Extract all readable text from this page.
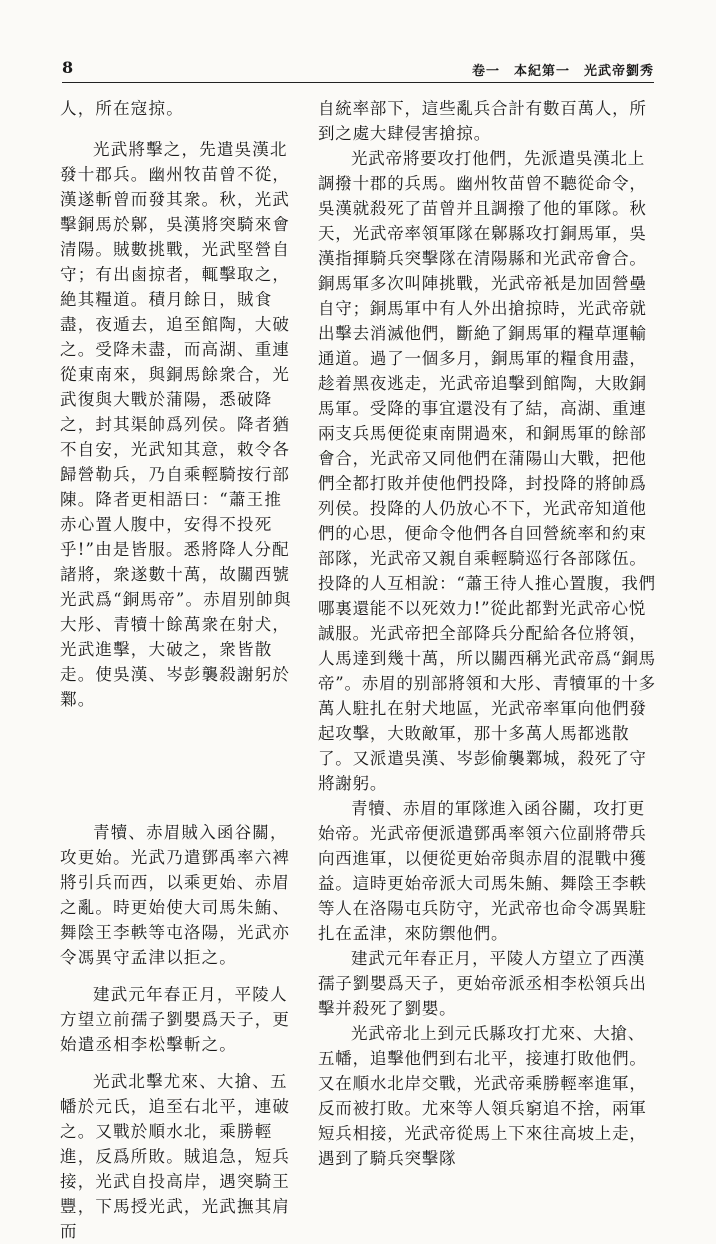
8	卷一　本紀第一　光武帝劉秀

人，所在寇掠。

光武將擊之，先遣吳漢北發十郡兵。幽州牧苗曾不從，漢遂斬曾而發其衆。秋，光武擊銅馬於鄡，吳漢將突騎來會清陽。賊數挑戰，光武堅營自守；有出鹵掠者，輒擊取之，絶其糧道。積月餘日，賊食盡，夜遁去，追至館陶，大破之。受降未盡，而高湖、重連從東南來，與銅馬餘衆合，光武復與大戰於蒲陽，悉破降之，封其渠帥爲列侯。降者猶不自安，光武知其意，敕令各歸營勒兵，乃自乘輕騎按行部陳。降者更相語曰：“蕭王推赤心置人腹中，安得不投死乎!”由是皆服。悉將降人分配諸將，衆遂數十萬，故關西號光武爲“銅馬帝”。赤眉别帥與大彤、青犢十餘萬衆在射犬，光武進擊，大破之，衆皆散走。使吳漢、岑彭襲殺謝躬於鄴。

青犢、赤眉賊入函谷關，攻更始。光武乃遣鄧禹率六裨將引兵而西，以乘更始、赤眉之亂。時更始使大司馬朱鮪、舞陰王李軼等屯洛陽，光武亦令馮異守孟津以拒之。

建武元年春正月，平陵人方望立前孺子劉嬰爲天子，更始遣丞相李松擊斬之。

光武北擊尤來、大搶、五幡於元氏，追至右北平，連破之。又戰於順水北，乘勝輕進，反爲所敗。賊追急，短兵接，光武自投高岸，遇突騎王豐，下馬授光武，光武撫其肩而

自統率部下，這些亂兵合計有數百萬人，所到之處大肆侵害搶掠。

光武帝將要攻打他們，先派遣吳漢北上調撥十郡的兵馬。幽州牧苗曾不聽從命令，吳漢就殺死了苗曾并且調撥了他的軍隊。秋天，光武帝率領軍隊在鄡縣攻打銅馬軍，吳漢指揮騎兵突擊隊在清陽縣和光武帝會合。銅馬軍多次叫陣挑戰，光武帝衹是加固營壘自守；銅馬軍中有人外出搶掠時，光武帝就出擊去消滅他們，斷絶了銅馬軍的糧草運輸通道。過了一個多月，銅馬軍的糧食用盡，趁着黑夜逃走，光武帝追擊到館陶，大敗銅馬軍。受降的事宜還没有了結，高湖、重連兩支兵馬便從東南開過來，和銅馬軍的餘部會合，光武帝又同他們在蒲陽山大戰，把他們全都打敗并使他們投降，封投降的將帥爲列侯。投降的人仍放心不下，光武帝知道他們的心思，便命令他們各自回營統率和約束部隊，光武帝又親自乘輕騎巡行各部隊伍。投降的人互相說：“蕭王待人推心置腹，我們哪裏還能不以死效力!”從此都對光武帝心悦誠服。光武帝把全部降兵分配給各位將領，人馬達到幾十萬，所以關西稱光武帝爲“銅馬帝”。赤眉的别部將領和大彤、青犢軍的十多萬人駐扎在射犬地區，光武帝率軍向他們發起攻擊，大敗敵軍，那十多萬人馬都逃散了。又派遣吳漢、岑彭偷襲鄴城，殺死了守將謝躬。

青犢、赤眉的軍隊進入函谷關，攻打更始帝。光武帝便派遣鄧禹率領六位副將帶兵向西進軍，以便從更始帝與赤眉的混戰中獲益。這時更始帝派大司馬朱鮪、舞陰王李軼等人在洛陽屯兵防守，光武帝也命令馮異駐扎在孟津，來防禦他們。

建武元年春正月，平陵人方望立了西漢孺子劉嬰爲天子，更始帝派丞相李松領兵出擊并殺死了劉嬰。

光武帝北上到元氏縣攻打尤來、大搶、五幡，追擊他們到右北平，接連打敗他們。又在順水北岸交戰，光武帝乘勝輕率進軍，反而被打敗。尤來等人領兵窮追不捨，兩軍短兵相接，光武帝從馬上下來往高坡上走，遇到了騎兵突擊隊
